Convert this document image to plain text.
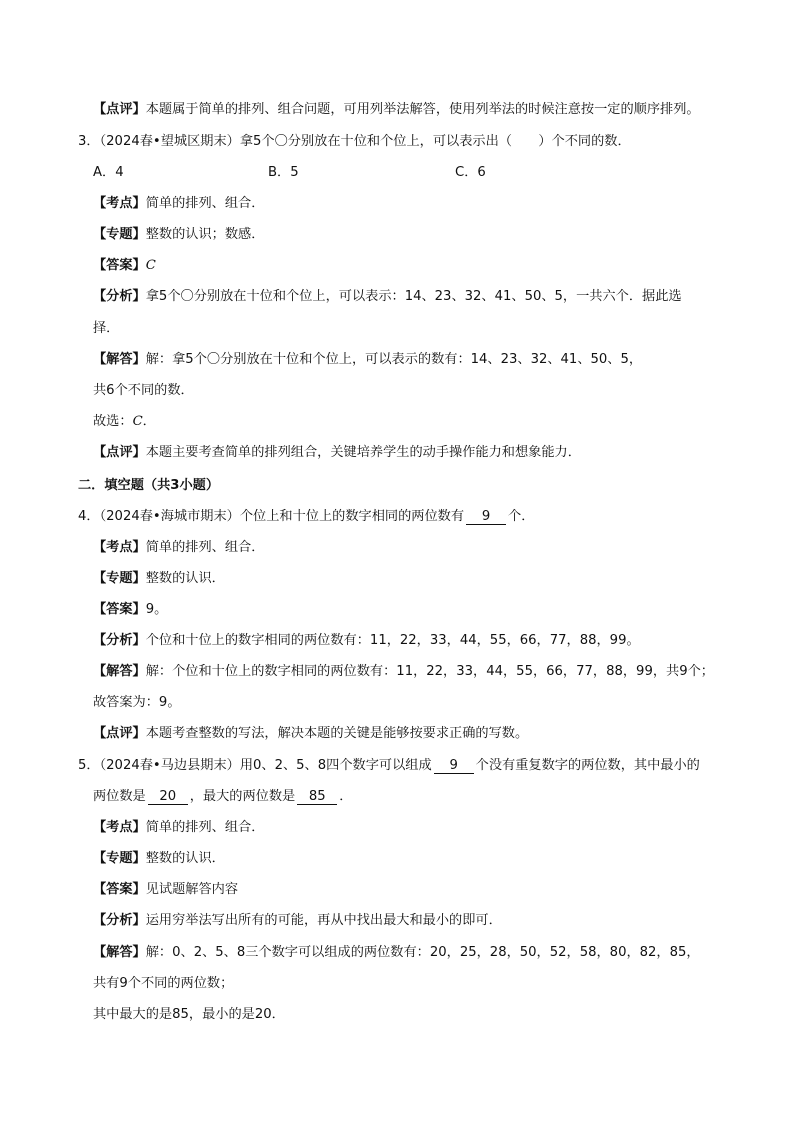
【点评】本题属于简单的排列、组合问题，可用列举法解答，使用列举法的时候注意按一定的顺序排列。
3．（2024春•望城区期末）拿5个〇分别放在十位和个位上，可以表示出（　　）个不同的数．
A．4	B．5	C．6
【考点】简单的排列、组合．
【专题】整数的认识；数感．
【答案】C
【分析】拿5个〇分别放在十位和个位上，可以表示：14、23、32、41、50、5，一共六个．据此选
择．
【解答】解：拿5个〇分别放在十位和个位上，可以表示的数有：14、23、32、41、50、5，
共6个不同的数．
故选：C．
【点评】本题主要考查简单的排列组合，关键培养学生的动手操作能力和想象能力．
二．填空题（共3小题）
4．（2024春•海城市期末）个位上和十位上的数字相同的两位数有 9 个．
【考点】简单的排列、组合．
【专题】整数的认识．
【答案】9。
【分析】个位和十位上的数字相同的两位数有：11，22，33，44，55，66，77，88，99。
【解答】解：个位和十位上的数字相同的两位数有：11，22，33，44，55，66，77，88，99，共9个；
故答案为：9。
【点评】本题考查整数的写法，解决本题的关键是能够按要求正确的写数。
5．（2024春•马边县期末）用0、2、5、8四个数字可以组成 9 个没有重复数字的两位数，其中最小的
两位数是 20 ，最大的两位数是 85 ．
【考点】简单的排列、组合．
【专题】整数的认识．
【答案】见试题解答内容
【分析】运用穷举法写出所有的可能，再从中找出最大和最小的即可．
【解答】解：0、2、5、8三个数字可以组成的两位数有：20，25，28，50，52，58，80，82，85，
共有9个不同的两位数；
其中最大的是85，最小的是20．
